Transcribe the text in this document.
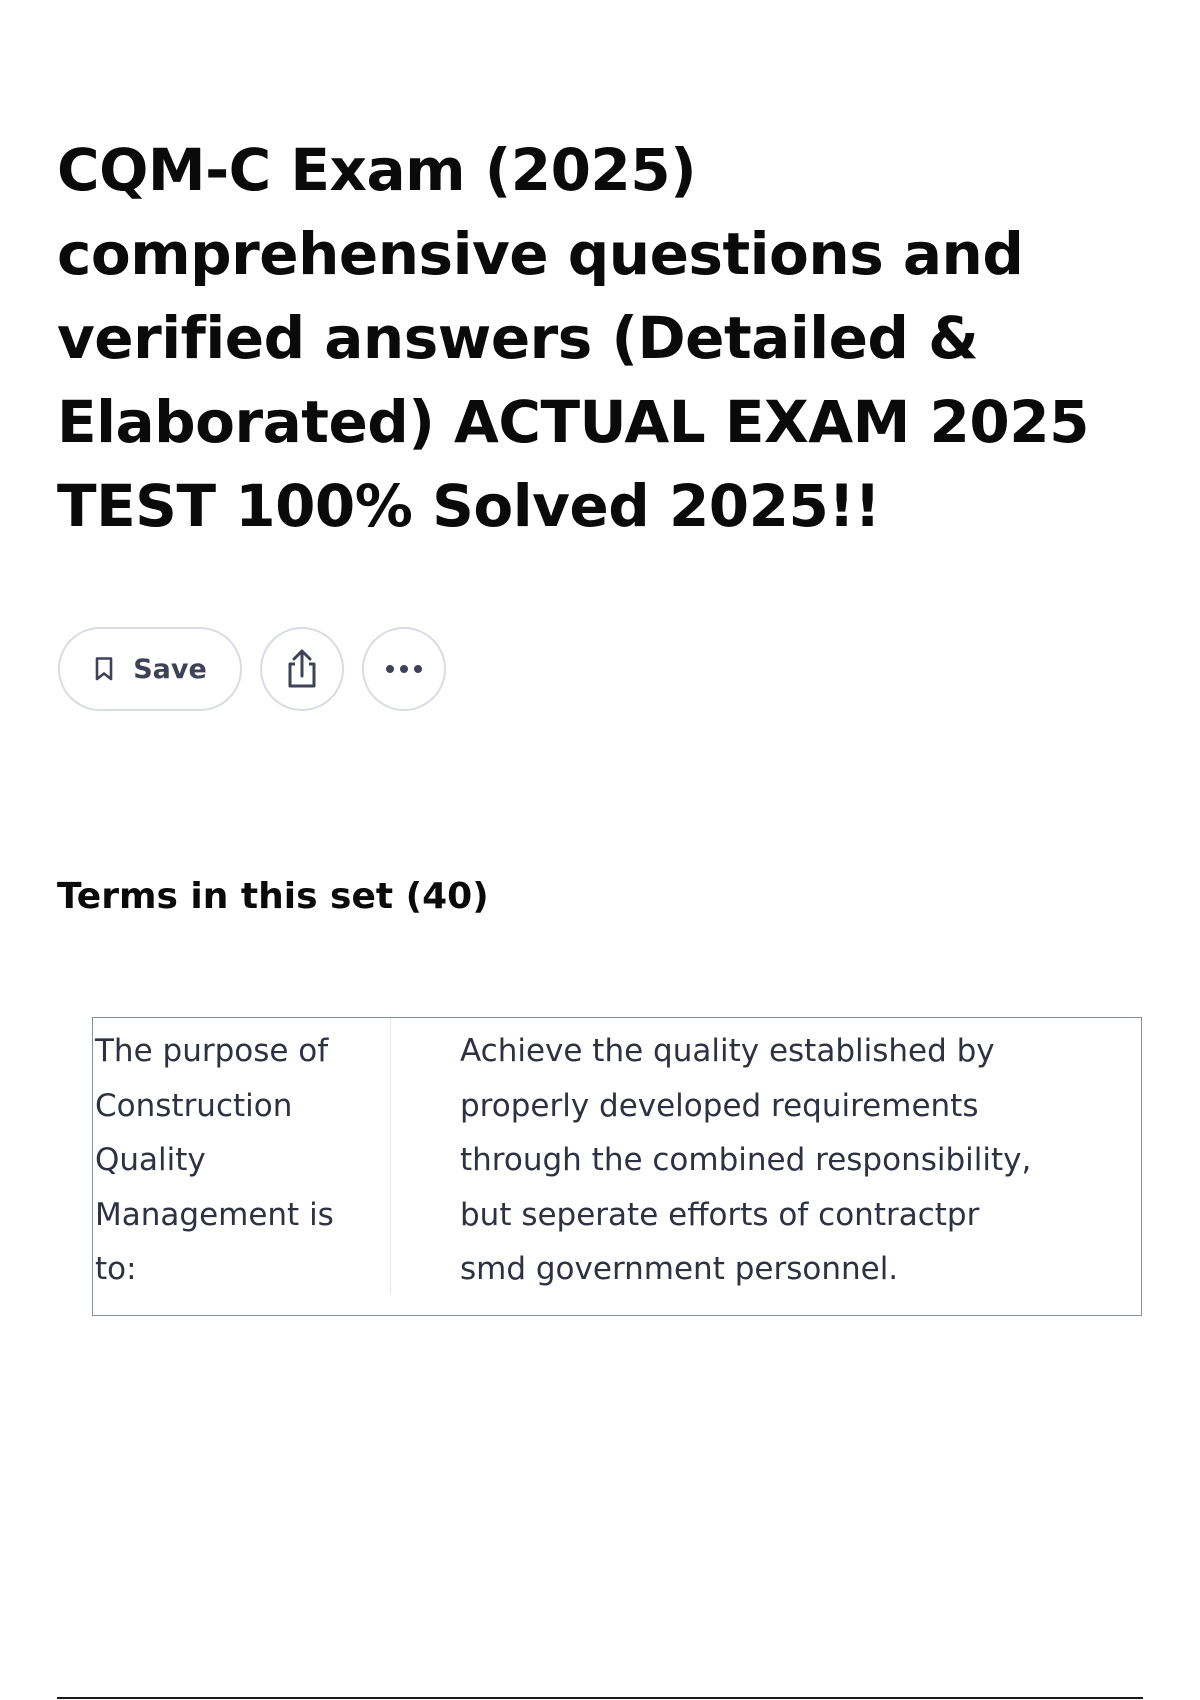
CQM-C Exam (2025) comprehensive questions and verified answers (Detailed & Elaborated) ACTUAL EXAM 2025 TEST 100% Solved 2025!!
Save
Terms in this set (40)
The purpose of
Construction
Quality
Management is
to:
Achieve the quality established by
properly developed requirements
through the combined responsibility,
but seperate efforts of contractpr
smd government personnel.
